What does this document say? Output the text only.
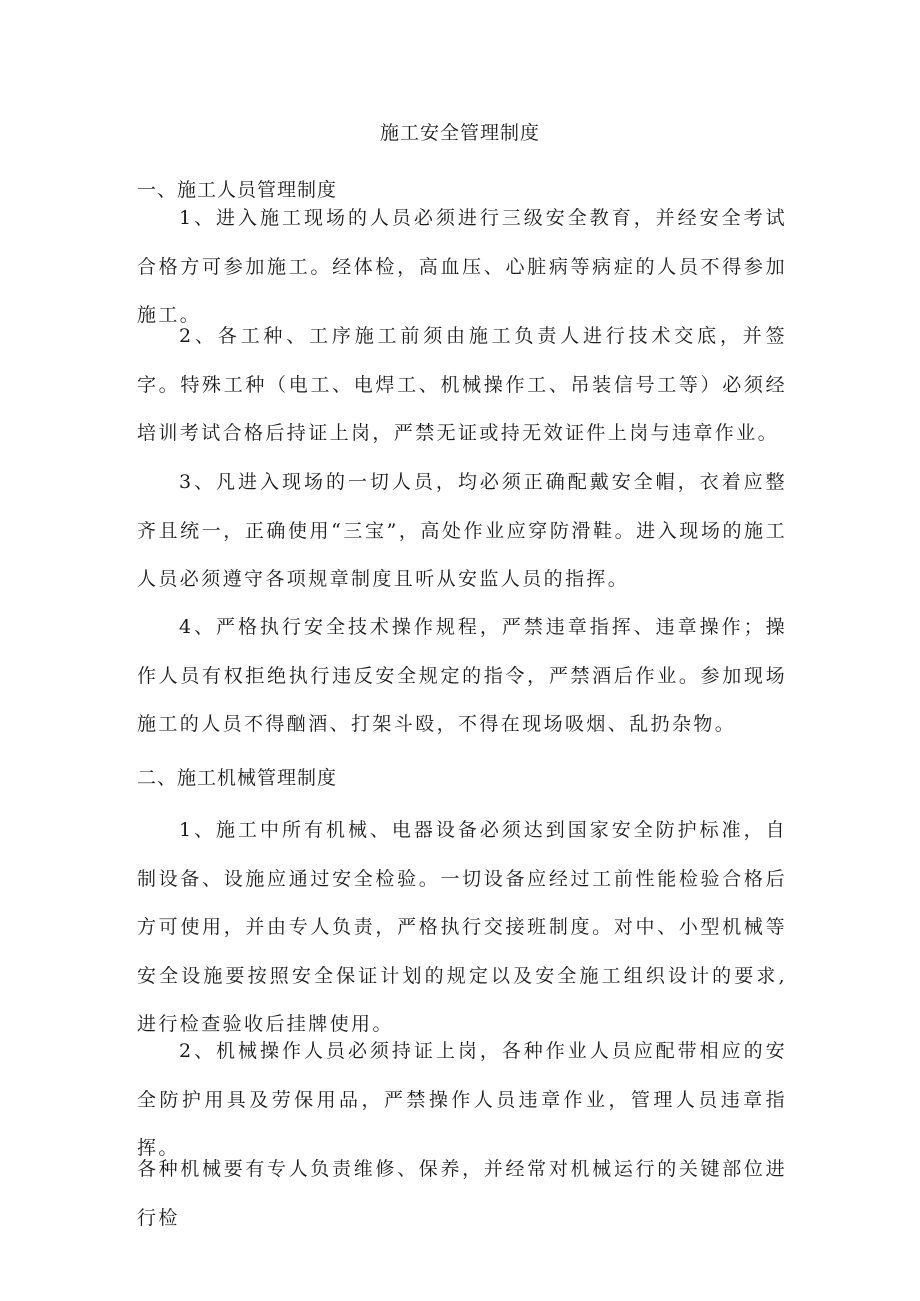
施工安全管理制度
一、施工人员管理制度

1、进入施工现场的人员必须进行三级安全教育，并经安全考试合格方可参加施工。经体检，高血压、心脏病等病症的人员不得参加施工。

2、各工种、工序施工前须由施工负责人进行技术交底，并签字。特殊工种（电工、电焊工、机械操作工、吊装信号工等）必须经培训考试合格后持证上岗，严禁无证或持无效证件上岗与违章作业。

3、凡进入现场的一切人员，均必须正确配戴安全帽，衣着应整齐且统一，正确使用“三宝”，高处作业应穿防滑鞋。进入现场的施工人员必须遵守各项规章制度且听从安监人员的指挥。

4、严格执行安全技术操作规程，严禁违章指挥、违章操作；操作人员有权拒绝执行违反安全规定的指令，严禁酒后作业。参加现场施工的人员不得酗酒、打架斗殴，不得在现场吸烟、乱扔杂物。

二、施工机械管理制度

1、施工中所有机械、电器设备必须达到国家安全防护标准，自制设备、设施应通过安全检验。一切设备应经过工前性能检验合格后方可使用，并由专人负责，严格执行交接班制度。对中、小型机械等安全设施要按照安全保证计划的规定以及安全施工组织设计的要求,进行检查验收后挂牌使用。

2、机械操作人员必须持证上岗，各种作业人员应配带相应的安全防护用具及劳保用品，严禁操作人员违章作业，管理人员违章指挥。

各种机械要有专人负责维修、保养，并经常对机械运行的关键部位进行检
